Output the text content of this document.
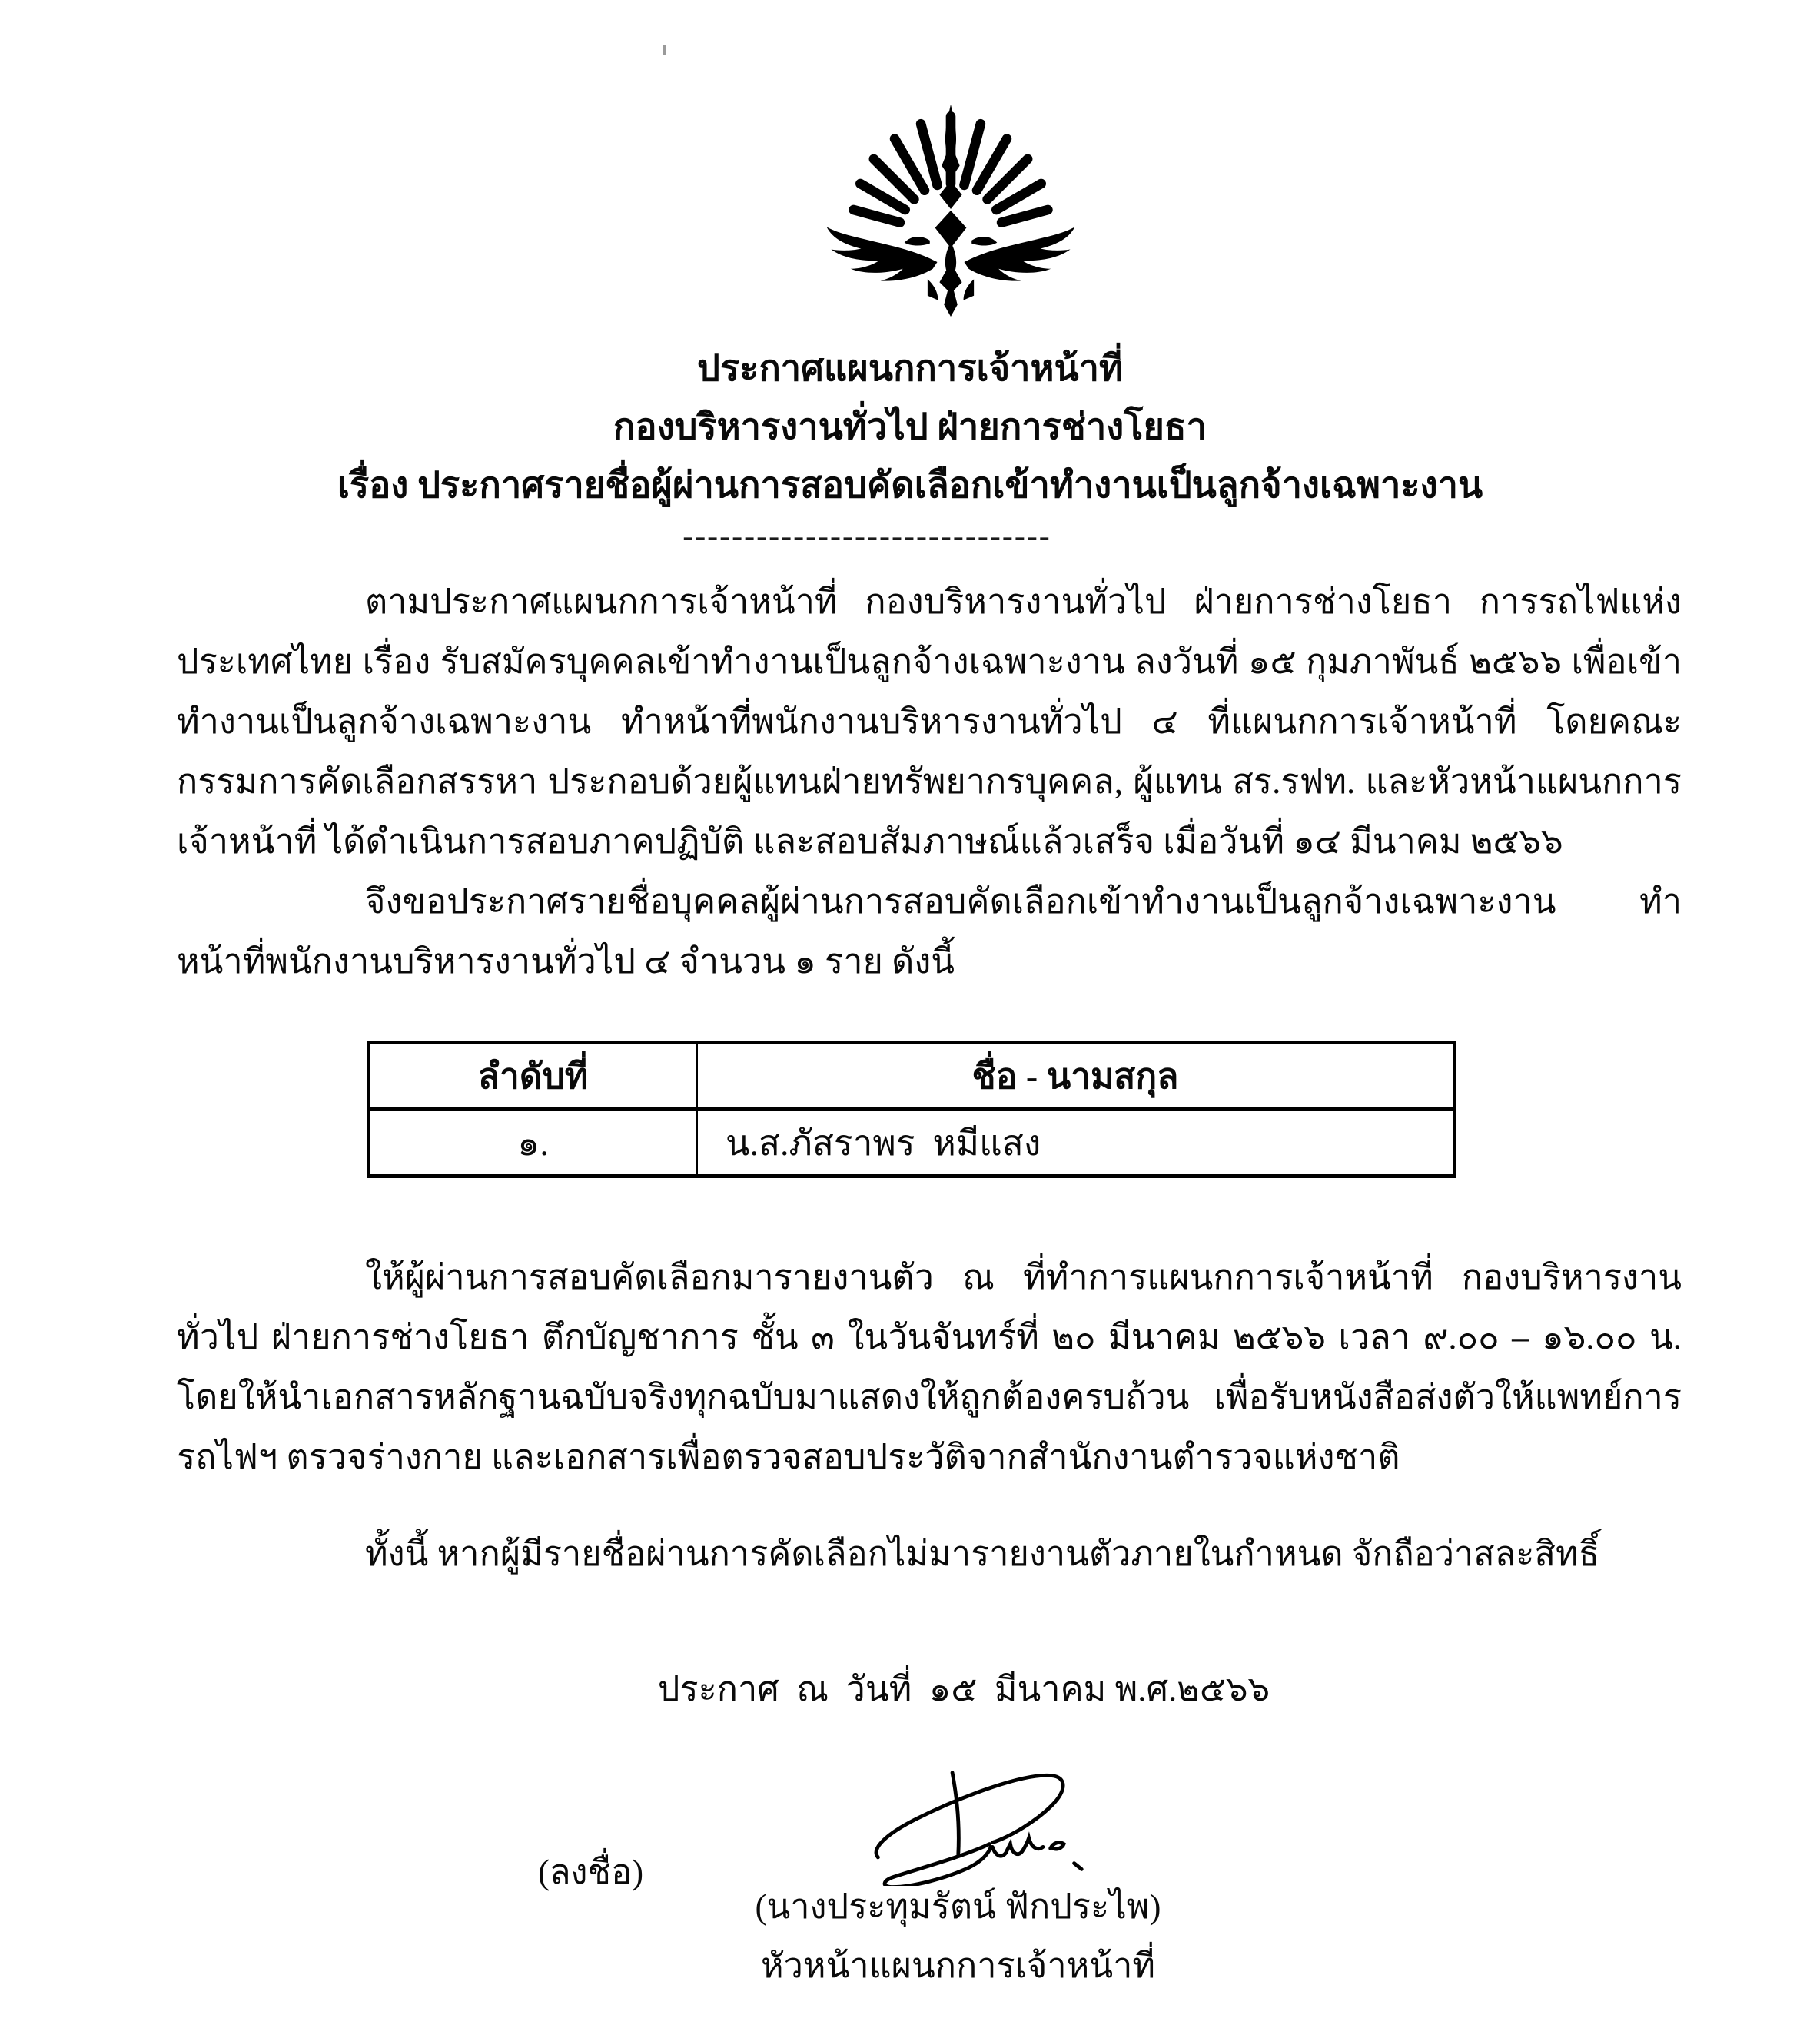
ประกาศแผนกการเจ้าหน้าที่
กองบริหารงานทั่วไป ฝ่ายการช่างโยธา
เรื่อง ประกาศรายชื่อผู้ผ่านการสอบคัดเลือกเข้าทำงานเป็นลูกจ้างเฉพาะงาน
------------------------------

ตามประกาศแผนกการเจ้าหน้าที่ กองบริหารงานทั่วไป ฝ่ายการช่างโยธา การรถไฟแห่งประเทศไทย เรื่อง รับสมัครบุคคลเข้าทำงานเป็นลูกจ้างเฉพาะงาน ลงวันที่ ๑๕ กุมภาพันธ์ ๒๕๖๖ เพื่อเข้าทำงานเป็นลูกจ้างเฉพาะงาน ทำหน้าที่พนักงานบริหารงานทั่วไป ๔ ที่แผนกการเจ้าหน้าที่ โดยคณะกรรมการคัดเลือกสรรหา ประกอบด้วยผู้แทนฝ่ายทรัพยากรบุคคล, ผู้แทน สร.รฟท. และหัวหน้าแผนกการเจ้าหน้าที่ ได้ดำเนินการสอบภาคปฏิบัติ และสอบสัมภาษณ์แล้วเสร็จ เมื่อวันที่ ๑๔ มีนาคม ๒๕๖๖

จึงขอประกาศรายชื่อบุคคลผู้ผ่านการสอบคัดเลือกเข้าทำงานเป็นลูกจ้างเฉพาะงาน ทำหน้าที่พนักงานบริหารงานทั่วไป ๔ จำนวน ๑ ราย ดังนี้

ลำดับที่	ชื่อ - นามสกุล
๑.	น.ส.ภัสราพร  หมีแสง

ให้ผู้ผ่านการสอบคัดเลือกมารายงานตัว ณ ที่ทำการแผนกการเจ้าหน้าที่ กองบริหารงานทั่วไป ฝ่ายการช่างโยธา ตึกบัญชาการ ชั้น ๓ ในวันจันทร์ที่ ๒๐ มีนาคม ๒๕๖๖ เวลา ๙.๐๐ – ๑๖.๐๐ น. โดยให้นำเอกสารหลักฐานฉบับจริงทุกฉบับมาแสดงให้ถูกต้องครบถ้วน เพื่อรับหนังสือส่งตัวให้แพทย์การรถไฟฯ ตรวจร่างกาย และเอกสารเพื่อตรวจสอบประวัติจากสำนักงานตำรวจแห่งชาติ

ทั้งนี้ หากผู้มีรายชื่อผ่านการคัดเลือกไม่มารายงานตัวภายในกำหนด จักถือว่าสละสิทธิ์

ประกาศ  ณ  วันที่  ๑๕  มีนาคม พ.ศ.๒๕๖๖
(ลงชื่อ)
(นางประทุมรัตน์ ฟักประไพ)
หัวหน้าแผนกการเจ้าหน้าที่
